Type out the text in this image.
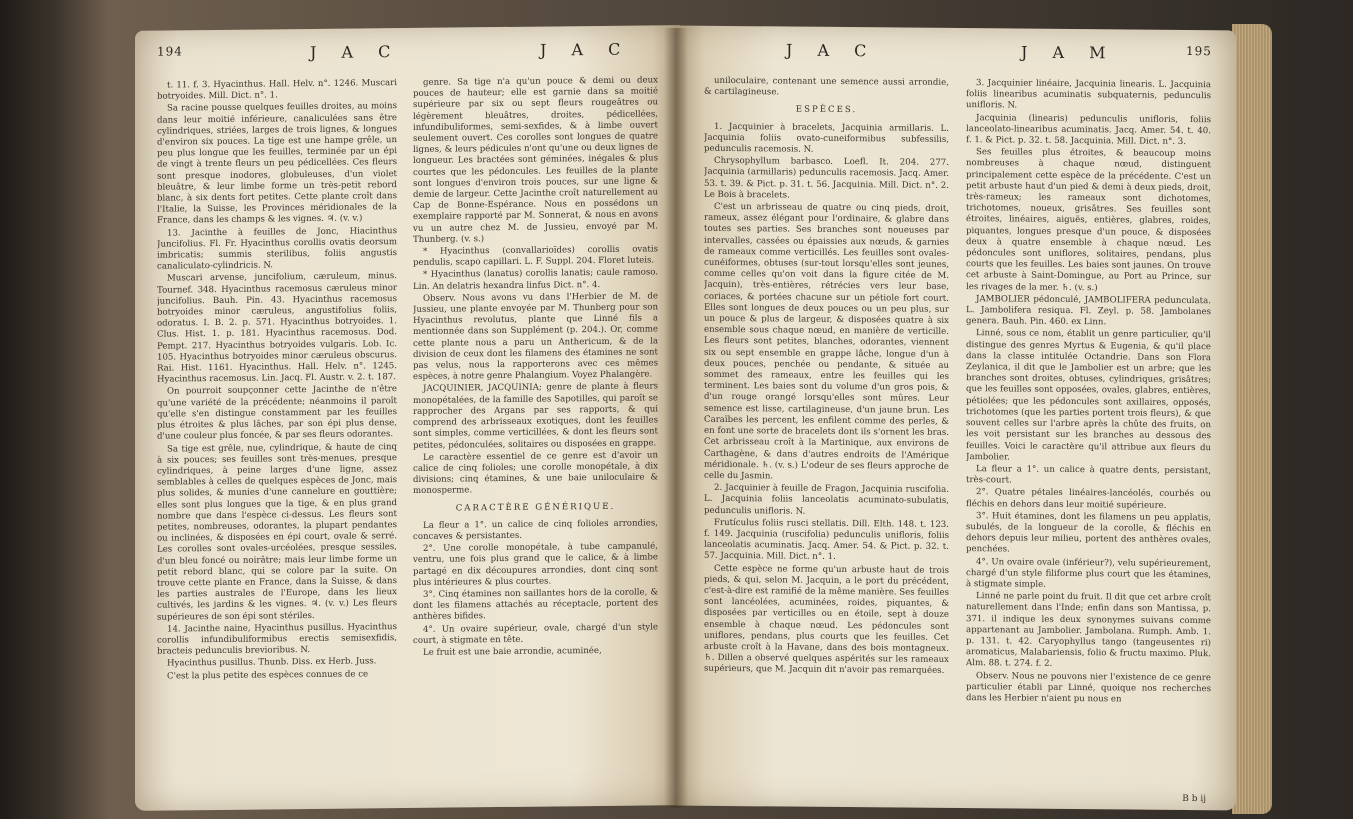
194	J A C	J A C

t. 11. f. 3. Hyacinthus. Hall. Helv. n°. 1246. Muscari botryoides. Mill. Dict. n°. 1.

Sa racine pousse quelques feuilles droites, au moins dans leur moitié inférieure, canaliculées sans être cylindriques, striées, larges de trois lignes, & longues d'environ six pouces. La tige est une hampe grêle, un peu plus longue que les feuilles, terminée par un épi de vingt à trente fleurs un peu pédicellées. Ces fleurs sont presque inodores, globuleuses, d'un violet bleuâtre, & leur limbe forme un très-petit rebord blanc, à six dents fort petites. Cette plante croît dans l'Italie, la Suisse, les Provinces méridionales de la France, dans les champs & les vignes. ♃. (v. v.)

13. Jacinthe à feuilles de Jonc, Hiacinthus Juncifolius. Fl. Fr. Hyacinthus corollis ovatis deorsum imbricatis; summis sterilibus, foliis angustis canaliculato-cylindricis. N.

Muscari arvense, juncifolium, cæruleum, minus. Tournef. 348. Hyacinthus racemosus cæruleus minor juncifolius. Bauh. Pin. 43. Hyacinthus racemosus botryoides minor cæruleus, angustifolius foliis, odoratus. I. B. 2. p. 571. Hyacinthus botryoides. 1. Clus. Hist. 1. p. 181. Hyacinthus racemosus. Dod. Pempt. 217. Hyacinthus botryoides vulgaris. Lob. Ic. 105. Hyacinthus botryoides minor cæruleus obscurus. Rai. Hist. 1161. Hyacinthus. Hall. Helv. n°. 1245. Hyacinthus racemosus. Lin. Jacq. Fl. Austr. v. 2. t. 187.

On pourroit soupçonner cette Jacinthe de n'être qu'une variété de la précédente; néanmoins il paroît qu'elle s'en distingue constamment par les feuilles plus étroites & plus lâches, par son épi plus dense, d'une couleur plus foncée, & par ses fleurs odorantes.

Sa tige est grêle, nue, cylindrique, & haute de cinq à six pouces; ses feuilles sont très-menues, presque cylindriques, à peine larges d'une ligne, assez semblables à celles de quelques espèces de Jonc, mais plus solides, & munies d'une cannelure en gouttière; elles sont plus longues que la tige, & en plus grand nombre que dans l'espèce ci-dessus. Les fleurs sont petites, nombreuses, odorantes, la plupart pendantes ou inclinées, & disposées en épi court, ovale & serré. Les corolles sont ovales-urcéolées, presque sessiles, d'un bleu foncé ou noirâtre; mais leur limbe forme un petit rebord blanc, qui se colore par la suite. On trouve cette plante en France, dans la Suisse, & dans les parties australes de l'Europe, dans les lieux cultivés, les jardins & les vignes. ♃. (v. v.) Les fleurs supérieures de son épi sont stériles.

14. Jacinthe naine, Hyacinthus pusillus. Hyacinthus corollis infundibuliformibus erectis semisexfidis, bracteis pedunculis brevioribus. N.

Hyacinthus pusillus. Thunb. Diss. ex Herb. Juss.

C'est la plus petite des espèces connues de ce

genre. Sa tige n'a qu'un pouce & demi ou deux pouces de hauteur; elle est garnie dans sa moitié supérieure par six ou sept fleurs rougeâtres ou légèrement bleuâtres, droites, pédicellées, infundibuliformes, semi-sexfides, & à limbe ouvert seulement ouvert. Ces corolles sont longues de quatre lignes, & leurs pédicules n'ont qu'une ou deux lignes de longueur. Les bractées sont géminées, inégales & plus courtes que les pédoncules. Les feuilles de la plante sont longues d'environ trois pouces, sur une ligne & demie de largeur. Cette Jacinthe croît naturellement au Cap de Bonne-Espérance. Nous en possédons un exemplaire rapporté par M. Sonnerat, & nous en avons vu un autre chez M. de Jussieu, envoyé par M. Thunberg. (v. s.)

* Hyacinthus (convallarioïdes) corollis ovatis pendulis, scapo capillari. L. F. Suppl. 204. Floret luteis.

* Hyacinthus (lanatus) corollis lanatis; caule ramoso. Lin. An delatris hexandra linfus Dict. n°. 4.

Observ. Nous avons vu dans l'Herbier de M. de Jussieu, une plante envoyée par M. Thunberg pour son Hyacinthus revolutus, plante que Linné fils a mentionnée dans son Supplément (p. 204.). Or, comme cette plante nous a paru un Anthericum, & de la division de ceux dont les filamens des étamines ne sont pas velus, nous la rapporterons avec ces mêmes espèces, à notre genre Phalangium. Voyez Phalangère.

JACQUINIER, JACQUINIA; genre de plante à fleurs monopétalées, de la famille des Sapotilles, qui paroît se rapprocher des Argans par ses rapports, & qui comprend des arbrisseaux exotiques, dont les feuilles sont simples, comme verticillées, & dont les fleurs sont petites, pédonculées, solitaires ou disposées en grappe.

Le caractère essentiel de ce genre est d'avoir un calice de cinq folioles; une corolle monopétale, à dix divisions; cinq étamines, & une baie uniloculaire & monosperme.

CARACTÈRE GÉNÉRIQUE.

La fleur a 1°. un calice de cinq folioles arrondies, concaves & persistantes.

2°. Une corolle monopétale, à tube campanulé, ventru, une fois plus grand que le calice, & à limbe partagé en dix découpures arrondies, dont cinq sont plus intérieures & plus courtes.

3°. Cinq étamines non saillantes hors de la corolle, & dont les filamens attachés au réceptacle, portent des anthères bifides.

4°. Un ovaire supérieur, ovale, chargé d'un style court, à stigmate en tête.

Le fruit est une baie arrondie, acuminée,

J A C	J A M	195

uniloculaire, contenant une semence aussi arrondie, & cartilagineuse.

ESPÈCES.

1. Jacquinier à bracelets, Jacquinia armillaris. L. Jacquinia foliis ovato-cuneiformibus subfessilis, pedunculis racemosis. N.

Chrysophyllum barbasco. Loefl. It. 204. 277. Jacquinia (armillaris) pedunculis racemosis. Jacq. Amer. 53. t. 39. & Pict. p. 31. t. 56. Jacquinia. Mill. Dict. n°. 2. Le Bois à bracelets.

C'est un arbrisseau de quatre ou cinq pieds, droit, rameux, assez élégant pour l'ordinaire, & glabre dans toutes ses parties. Ses branches sont noueuses par intervalles, cassées ou épaissies aux nœuds, & garnies de rameaux comme verticillés. Les feuilles sont ovales-cunéiformes, obtuses (sur-tout lorsqu'elles sont jeunes, comme celles qu'on voit dans la figure citée de M. Jacquin), très-entières, rétrécies vers leur base, coriaces, & portées chacune sur un pétiole fort court. Elles sont longues de deux pouces ou un peu plus, sur un pouce & plus de largeur, & disposées quatre à six ensemble sous chaque nœud, en manière de verticille. Les fleurs sont petites, blanches, odorantes, viennent six ou sept ensemble en grappe lâche, longue d'un à deux pouces, penchée ou pendante, & située au sommet des rameaux, entre les feuilles qui les terminent. Les baies sont du volume d'un gros pois, & d'un rouge orangé lorsqu'elles sont mûres. Leur semence est lisse, cartilagineuse, d'un jaune brun. Les Caraïbes les percent, les enfilent comme des perles, & en font une sorte de bracelets dont ils s'ornent les bras. Cet arbrisseau croît à la Martinique, aux environs de Carthagène, & dans d'autres endroits de l'Amérique méridionale. ♄. (v. s.) L'odeur de ses fleurs approche de celle du Jasmin.

2. Jacquinier à feuille de Fragon, Jacquinia ruscifolia. L. Jacquinia foliis lanceolatis acuminato-subulatis, pedunculis unifloris. N.

Frutículus foliis rusci stellatis. Dill. Elth. 148. t. 123. f. 149. Jacquinia (ruscifolia) pedunculis unifloris, foliis lanceolatis acuminatis. Jacq. Amer. 54. & Pict. p. 32. t. 57. Jacquinia. Mill. Dict. n°. 1.

Cette espèce ne forme qu'un arbuste haut de trois pieds, & qui, selon M. Jacquin, a le port du précédent, c'est-à-dire est ramifié de la même manière. Ses feuilles sont lancéolées, acuminées, roides, piquantes, & disposées par verticilles ou en étoile, sept à douze ensemble à chaque nœud. Les pédoncules sont uniflores, pendans, plus courts que les feuilles. Cet arbuste croît à la Havane, dans des bois montagneux. ♄. Dillen a observé quelques aspérités sur les rameaux supérieurs, que M. Jacquin dit n'avoir pas remarquées.

3. Jacquinier linéaire, Jacquinia linearis. L. Jacquinia foliis linearibus acuminatis subquaternis, pedunculis unifloris. N.

Jacquinia (linearis) pedunculis unifloris, foliis lanceolato-linearibus acuminatis. Jacq. Amer. 54. t. 40. f. 1. & Pict. p. 32. t. 58. Jacquinia. Mill. Dict. n°. 3.

Ses feuilles plus étroites, & beaucoup moins nombreuses à chaque nœud, distinguent principalement cette espèce de la précédente. C'est un petit arbuste haut d'un pied & demi à deux pieds, droit, très-rameux; les rameaux sont dichotomes, trichotomes, noueux, grisâtres. Ses feuilles sont étroites, linéaires, aiguës, entières, glabres, roides, piquantes, longues presque d'un pouce, & disposées deux à quatre ensemble à chaque nœud. Les pédoncules sont uniflores, solitaires, pendans, plus courts que les feuilles. Les baies sont jaunes. On trouve cet arbuste à Saint-Domingue, au Port au Prince, sur les rivages de la mer. ♄. (v. s.)

JAMBOLIER pédonculé, JAMBOLIFERA pedunculata. L. Jambolifera resiqua. Fl. Zeyl. p. 58. Jambolanes genera. Bauh. Pin. 460. ex Linn.

Linné, sous ce nom, établit un genre particulier, qu'il distingue des genres Myrtus & Eugenia, & qu'il place dans la classe intitulée Octandrie. Dans son Flora Zeylanica, il dit que le Jambolier est un arbre; que les branches sont droites, obtuses, cylindriques, grisâtres; que les feuilles sont opposées, ovales, glabres, entières, pétiolées; que les pédoncules sont axillaires, opposés, trichotomes (que les parties portent trois fleurs), & que souvent celles sur l'arbre après la chûte des fruits, on les voit persistant sur les branches au dessous des feuilles. Voici le caractère qu'il attribue aux fleurs du Jambolier.

La fleur a 1°. un calice à quatre dents, persistant, très-court.

2°. Quatre pétales linéaires-lancéolés, courbés ou fléchis en dehors dans leur moitié supérieure.

3°. Huit étamines, dont les filamens un peu applatis, subulés, de la longueur de la corolle, & fléchis en dehors depuis leur milieu, portent des anthères ovales, penchées.

4°. Un ovaire ovale (inférieur?), velu supérieurement, chargé d'un style filiforme plus court que les étamines, à stigmate simple.

Linné ne parle point du fruit. Il dit que cet arbre croît naturellement dans l'Inde; enfin dans son Mantissa, p. 371. il indique les deux synonymes suivans comme appartenant au Jambolier. Jambolana. Rumph. Amb. 1. p. 131. t. 42. Caryophyllus tango (tangeusentes ri) aromaticus, Malabariensis, folio & fructu maximo. Pluk. Alm. 88. t. 274. f. 2.

Observ. Nous ne pouvons nier l'existence de ce genre particulier établi par Linné, quoique nos recherches dans les Herbier n'aient pu nous en

B b ij
